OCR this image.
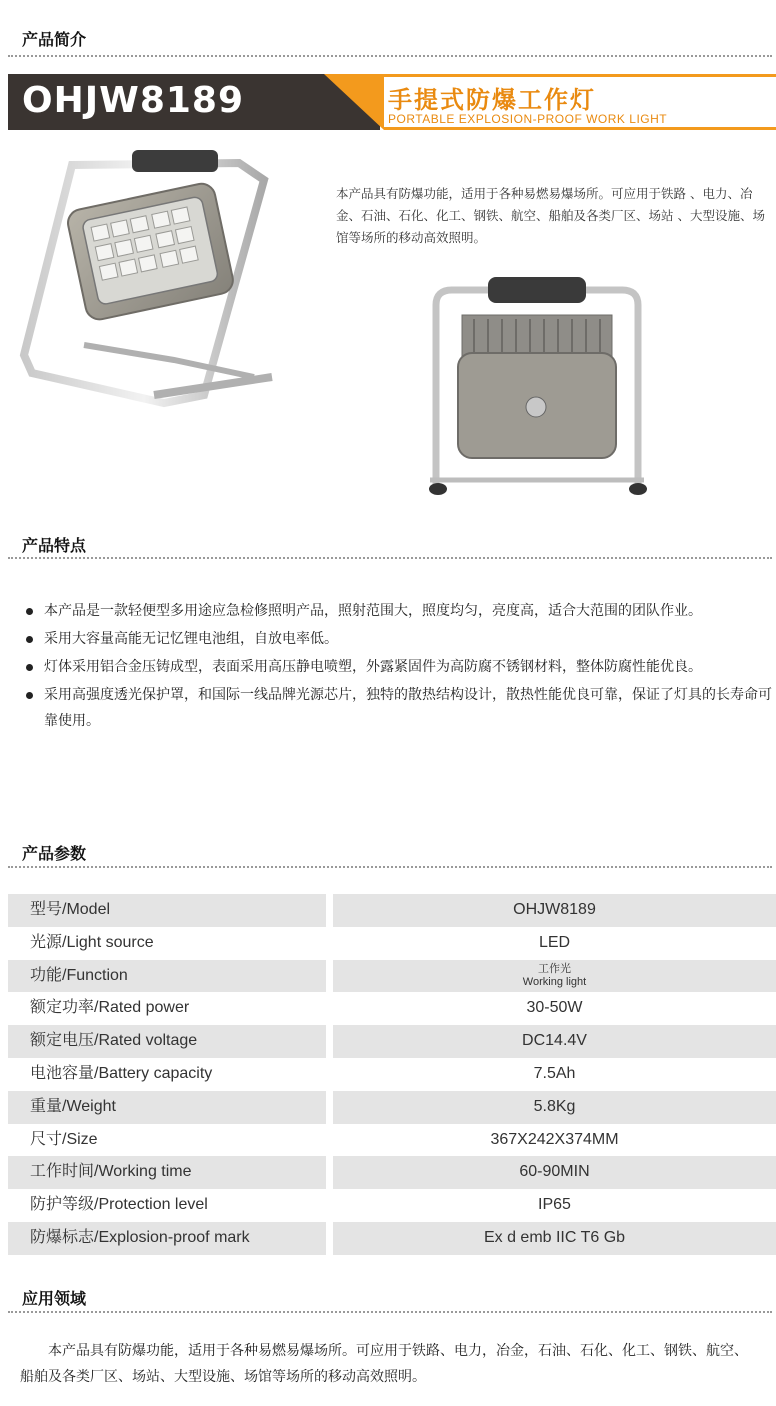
产品简介
OHJW8189	手提式防爆工作灯
PORTABLE EXPLOSION-PROOF WORK LIGHT
本产品具有防爆功能，适用于各种易燃易爆场所。可应用于铁路 、电力、冶金、石油、石化、化工、钢铁、航空、船舶及各类厂区、场站 、大型设施、场馆等场所的移动高效照明。
产品特点
本产品是一款轻便型多用途应急检修照明产品，照射范围大，照度均匀，亮度高，适合大范围的团队作业。
采用大容量高能无记忆锂电池组，自放电率低。
灯体采用铝合金压铸成型，表面采用高压静电喷塑，外露紧固件为高防腐不锈钢材料，整体防腐性能优良。
采用高强度透光保护罩，和国际一线品牌光源芯片，独特的散热结构设计，散热性能优良可靠，保证了灯具的长寿命可靠使用。
产品参数
型号/Model	OHJW8189
光源/Light source	LED
功能/Function	工作光
Working light
额定功率/Rated power	30-50W
额定电压/Rated voltage	DC14.4V
电池容量/Battery capacity	7.5Ah
重量/Weight	5.8Kg
尺寸/Size	367X242X374MM
工作时间/Working time	60-90MIN
防护等级/Protection level	IP65
防爆标志/Explosion-proof mark	Ex d emb IIC T6 Gb
应用领域
本产品具有防爆功能，适用于各种易燃易爆场所。可应用于铁路、电力，冶金，石油、石化、化工、钢铁、航空、船舶及各类厂区、场站、大型设施、场馆等场所的移动高效照明。
